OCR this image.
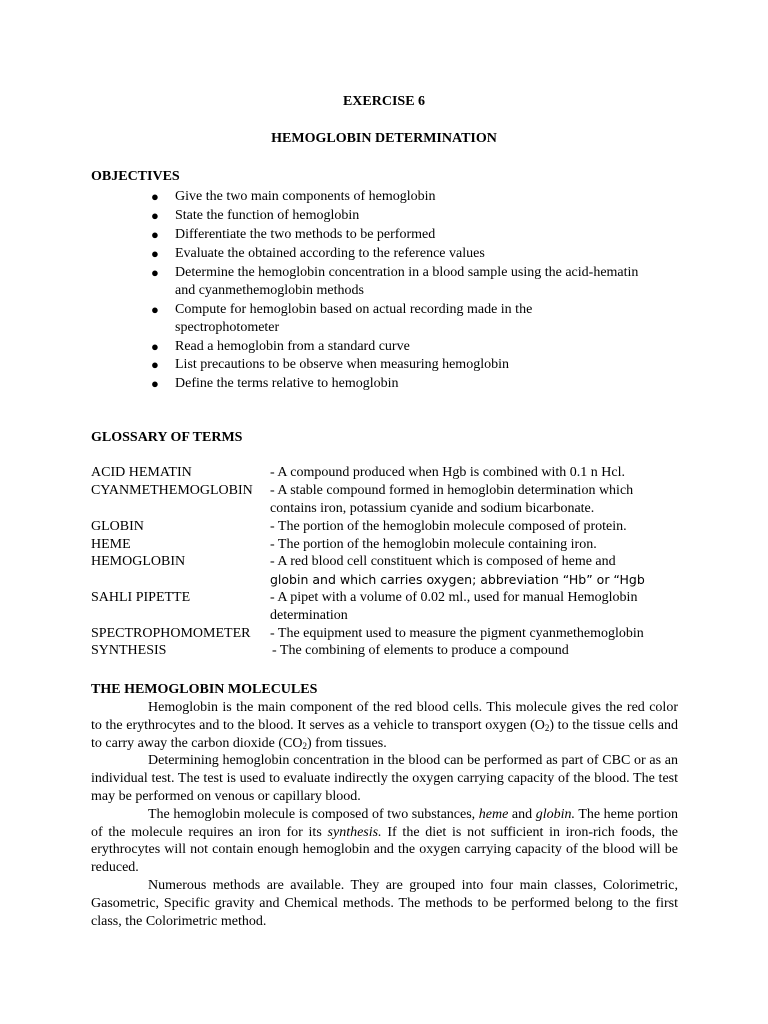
EXERCISE 6
HEMOGLOBIN DETERMINATION
OBJECTIVES
● Give the two main components of hemoglobin
● State the function of hemoglobin
● Differentiate the two methods to be performed
● Evaluate the obtained according to the reference values
● Determine the hemoglobin concentration in a blood sample using the acid-hematin
and cyanmethemoglobin methods
● Compute for hemoglobin based on actual recording made in the
spectrophotometer
● Read a hemoglobin from a standard curve
● List precautions to be observe when measuring hemoglobin
● Define the terms relative to hemoglobin
GLOSSARY OF TERMS
ACID HEMATIN	- A compound produced when Hgb is combined with 0.1 n Hcl.
CYANMETHEMOGLOBIN - A stable compound formed in hemoglobin determination which
contains iron, potassium cyanide and sodium bicarbonate.
GLOBIN	- The portion of the hemoglobin molecule composed of protein.
HEME	- The portion of the hemoglobin molecule containing iron.
HEMOGLOBIN	- A red blood cell constituent which is composed of heme and
globin and which carries oxygen; abbreviation “Hb” or “Hgb
SAHLI PIPETTE	- A pipet with a volume of 0.02 ml., used for manual Hemoglobin
determination
SPECTROPHOMOMETER - The equipment used to measure the pigment cyanmethemoglobin
SYNTHESIS	- The combining of elements to produce a compound
THE HEMOGLOBIN MOLECULES

Hemoglobin is the main component of the red blood cells. This molecule gives the red color to the erythrocytes and to the blood. It serves as a vehicle to transport oxygen $(O_2)$ to the tissue cells and to carry away the carbon dioxide $(CO_2)$ from tissues.

Determining hemoglobin concentration in the blood can be performed as part of CBC or as an individual test. The test is used to evaluate indirectly the oxygen carrying capacity of the blood. The test may be performed on venous or capillary blood.

The hemoglobin molecule is composed of two substances, heme and globin. The heme portion of the molecule requires an iron for its synthesis. If the diet is not sufficient in iron-rich foods, the erythrocytes will not contain enough hemoglobin and the oxygen carrying capacity of the blood will be reduced.

Numerous methods are available. They are grouped into four main classes, Colorimetric, Gasometric, Specific gravity and Chemical methods. The methods to be performed belong to the first class, the Colorimetric method.
